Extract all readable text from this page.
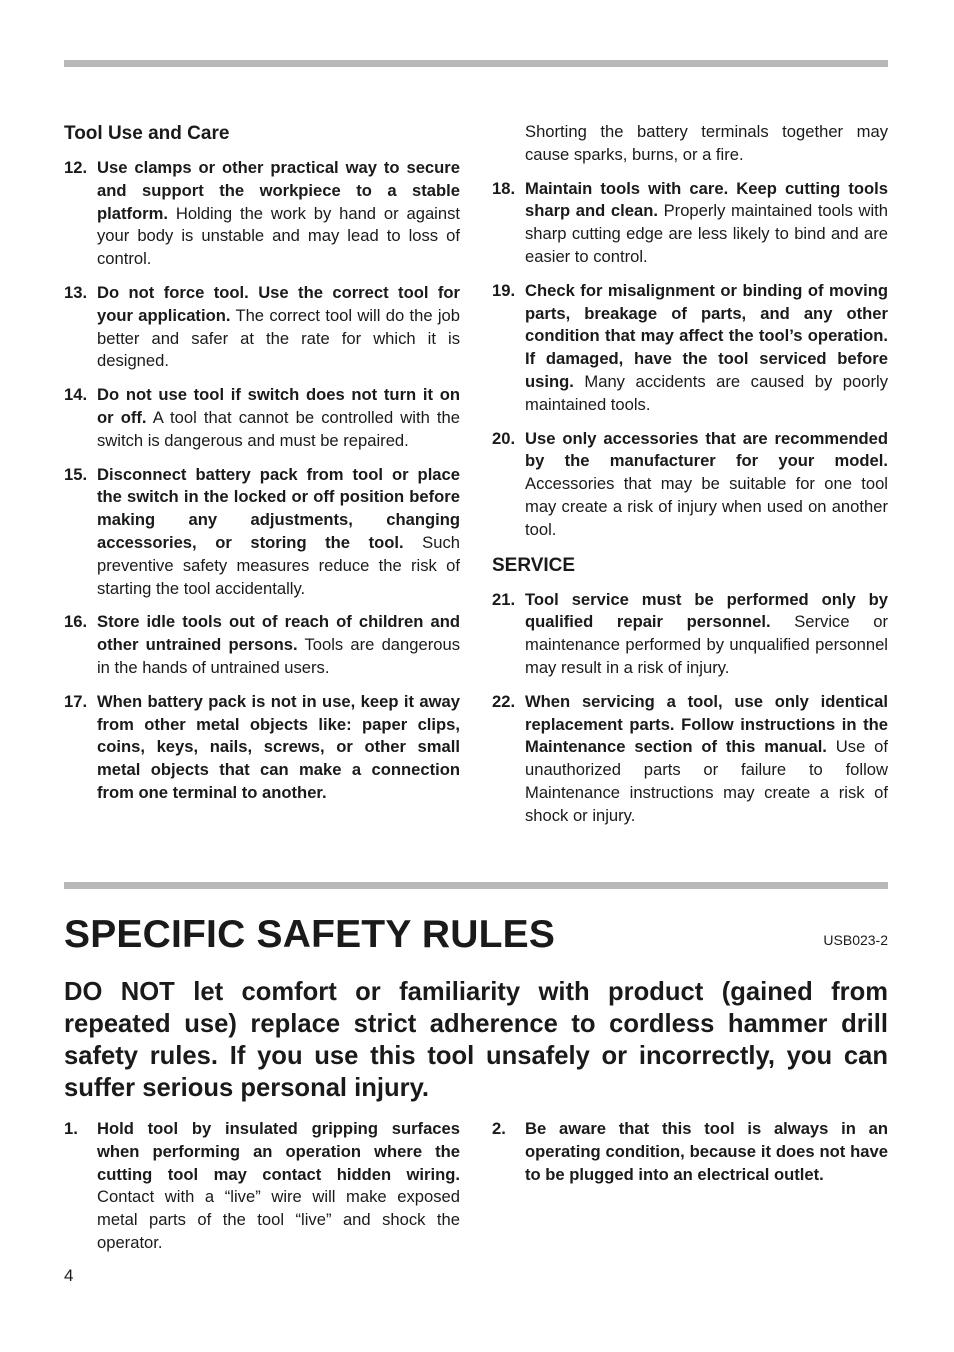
Tool Use and Care
12. Use clamps or other practical way to secure and support the workpiece to a stable platform. Holding the work by hand or against your body is unstable and may lead to loss of control.
13. Do not force tool. Use the correct tool for your application. The correct tool will do the job better and safer at the rate for which it is designed.
14. Do not use tool if switch does not turn it on or off. A tool that cannot be controlled with the switch is dangerous and must be repaired.
15. Disconnect battery pack from tool or place the switch in the locked or off position before making any adjustments, changing accessories, or storing the tool. Such preventive safety measures reduce the risk of starting the tool accidentally.
16. Store idle tools out of reach of children and other untrained persons. Tools are dangerous in the hands of untrained users.
17. When battery pack is not in use, keep it away from other metal objects like: paper clips, coins, keys, nails, screws, or other small metal objects that can make a connection from one terminal to another.

Shorting the battery terminals together may cause sparks, burns, or a fire.

18. Maintain tools with care. Keep cutting tools sharp and clean. Properly maintained tools with sharp cutting edge are less likely to bind and are easier to control.
19. Check for misalignment or binding of moving parts, breakage of parts, and any other condition that may affect the tool’s operation. If damaged, have the tool serviced before using. Many accidents are caused by poorly maintained tools.
20. Use only accessories that are recommended by the manufacturer for your model. Accessories that may be suitable for one tool may create a risk of injury when used on another tool.
SERVICE
21. Tool service must be performed only by qualified repair personnel. Service or maintenance performed by unqualified personnel may result in a risk of injury.
22. When servicing a tool, use only identical replacement parts. Follow instructions in the Maintenance section of this manual. Use of unauthorized parts or failure to follow Maintenance instructions may create a risk of shock or injury.
SPECIFIC SAFETY RULES	USB023-2

DO NOT let comfort or familiarity with product (gained from repeated use) replace strict adherence to cordless hammer drill safety rules. If you use this tool unsafely or incorrectly, you can suffer serious personal injury.

1. Hold tool by insulated gripping surfaces when performing an operation where the cutting tool may contact hidden wiring. Contact with a “live” wire will make exposed metal parts of the tool “live” and shock the operator.
2. Be aware that this tool is always in an operating condition, because it does not have to be plugged into an electrical outlet.
4
